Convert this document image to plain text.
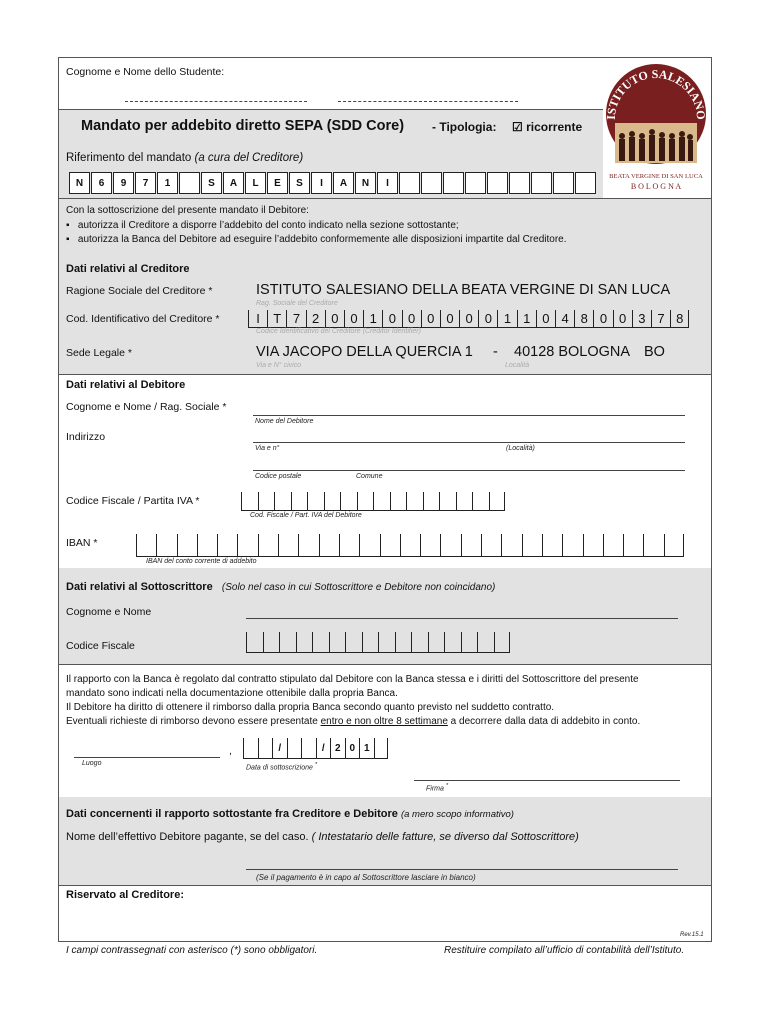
Cognome e Nome dello Studente:
Mandato per addebito diretto SEPA (SDD Core) - Tipologia: ☑ ricorrente
Riferimento del mandato (a cura del Creditore)
N	6	9	7	1	S	A	L	E	S	I	A	N	I
ISTITUTO SALESIANO
BEATA VERGINE DI SAN LUCA
B O L O G N A
Con la sottoscrizione del presente mandato il Debitore:
▪   autorizza il Creditore a disporre l’addebito del conto indicato nella sezione sottostante;
▪   autorizza la Banca del Debitore ad eseguire l’addebito conformemente alle disposizioni impartite dal Creditore.
Dati relativi al Creditore
Ragione Sociale del Creditore *	ISTITUTO SALESIANO DELLA BEATA VERGINE DI SAN LUCA
Rag. Sociale del Creditore
Cod. Identificativo del Creditore *	I	T 7 2 0 0 1 0 0 0 0 0 0 1 1 0 4 8 0 0 3 7 8
Codice Identificativo del Creditore (Creditor Identifier)
Sede Legale *	VIA JACOPO DELLA QUERCIA 1 - 40128 BOLOGNA BO
Via e N° civico	Località
Dati relativi al Debitore
Cognome e Nome / Rag. Sociale *
Nome del Debitore
Indirizzo
Via e n°	(Località)
Codice postale	Comune
Codice Fiscale / Partita IVA *
Cod. Fiscale / Part. IVA del Debitore
IBAN *
IBAN del conto corrente di addebito
Dati relativi al Sottoscrittore (Solo nel caso in cui Sottoscrittore e Debitore non coincidano)
Cognome e Nome
Codice Fiscale
Il rapporto con la Banca è regolato dal contratto stipulato dal Debitore con la Banca stessa e i diritti del Sottoscrittore del presente
mandato sono indicati nella documentazione ottenibile dalla propria Banca.
Il Debitore ha diritto di ottenere il rimborso dalla propria Banca secondo quanto previsto nel suddetto contratto.
Eventuali richieste di rimborso devono essere presentate entro e non oltre 8 settimane a decorrere dalla data di addebito in conto.
Luogo
,	/	/	2 0 1
Data di sottoscrizione *
Firma *
Dati concernenti il rapporto sottostante fra Creditore e Debitore (a mero scopo informativo)
Nome dell’effettivo Debitore pagante, se del caso. ( Intestatario delle fatture, se diverso dal Sottoscrittore)
(Se il pagamento è in capo al Sottoscrittore lasciare in bianco)
Riservato al Creditore:
Rev.15.1
I campi contrassegnati con asterisco (*) sono obbligatori.	Restituire compilato all’ufficio di contabilità dell’Istituto.
